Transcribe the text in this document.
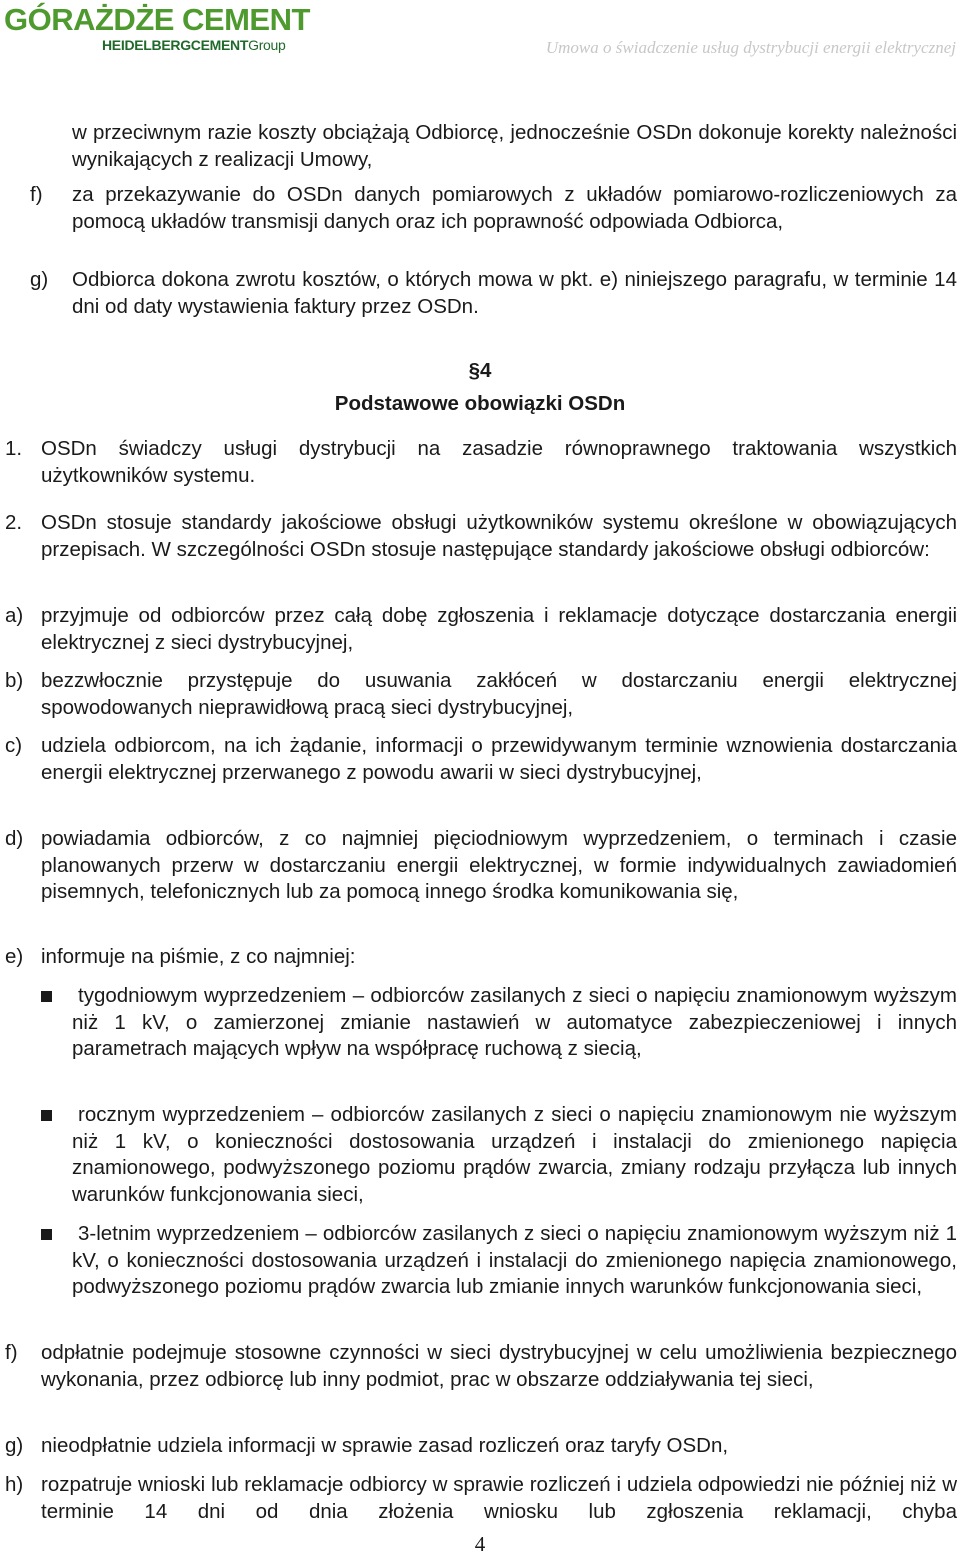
GÓRAŻDŻE CEMENT
HEIDELBERGCEMENTGroup	Umowa o świadczenie usług dystrybucji energii elektrycznej
w przeciwnym razie koszty obciążają Odbiorcę, jednocześnie OSDn dokonuje korekty należności wynikających z realizacji Umowy,
f) za przekazywanie do OSDn danych pomiarowych z układów pomiarowo-rozliczeniowych za pomocą układów transmisji danych oraz ich poprawność odpowiada Odbiorca,
g) Odbiorca dokona zwrotu kosztów, o których mowa w pkt. e) niniejszego paragrafu, w terminie 14 dni od daty wystawienia faktury przez OSDn.
§4
Podstawowe obowiązki OSDn
1. OSDn świadczy usługi dystrybucji na zasadzie równoprawnego traktowania wszystkich użytkowników systemu.
2. OSDn stosuje standardy jakościowe obsługi użytkowników systemu określone w obowiązujących przepisach. W szczególności OSDn stosuje następujące standardy jakościowe obsługi odbiorców:
a) przyjmuje od odbiorców przez całą dobę zgłoszenia i reklamacje dotyczące dostarczania energii elektrycznej z sieci dystrybucyjnej,
b) bezzwłocznie przystępuje do usuwania zakłóceń w dostarczaniu energii elektrycznej spowodowanych nieprawidłową pracą sieci dystrybucyjnej,
c) udziela odbiorcom, na ich żądanie, informacji o przewidywanym terminie wznowienia dostarczania energii elektrycznej przerwanego z powodu awarii w sieci dystrybucyjnej,
d) powiadamia odbiorców, z co najmniej pięciodniowym wyprzedzeniem, o terminach i czasie planowanych przerw w dostarczaniu energii elektrycznej, w formie indywidualnych zawiadomień pisemnych, telefonicznych lub za pomocą innego środka komunikowania się,
e) informuje na piśmie, z co najmniej:
tygodniowym wyprzedzeniem – odbiorców zasilanych z sieci o napięciu znamionowym wyższym niż 1 kV, o zamierzonej zmianie nastawień w automatyce zabezpieczeniowej i innych parametrach mających wpływ na współpracę ruchową z siecią,
rocznym wyprzedzeniem – odbiorców zasilanych z sieci o napięciu znamionowym nie wyższym niż 1 kV, o konieczności dostosowania urządzeń i instalacji do zmienionego napięcia znamionowego, podwyższonego poziomu prądów zwarcia, zmiany rodzaju przyłącza lub innych warunków funkcjonowania sieci,
3-letnim wyprzedzeniem – odbiorców zasilanych z sieci o napięciu znamionowym wyższym niż 1 kV, o konieczności dostosowania urządzeń i instalacji do zmienionego napięcia znamionowego, podwyższonego poziomu prądów zwarcia lub zmianie innych warunków funkcjonowania sieci,
f) odpłatnie podejmuje stosowne czynności w sieci dystrybucyjnej w celu umożliwienia bezpiecznego wykonania, przez odbiorcę lub inny podmiot, prac w obszarze oddziaływania tej sieci,
g) nieodpłatnie udziela informacji w sprawie zasad rozliczeń oraz taryfy OSDn,
h) rozpatruje wnioski lub reklamacje odbiorcy w sprawie rozliczeń i udziela odpowiedzi nie później niż w terminie 14 dni od dnia złożenia wniosku lub zgłoszenia reklamacji, chyba
4
